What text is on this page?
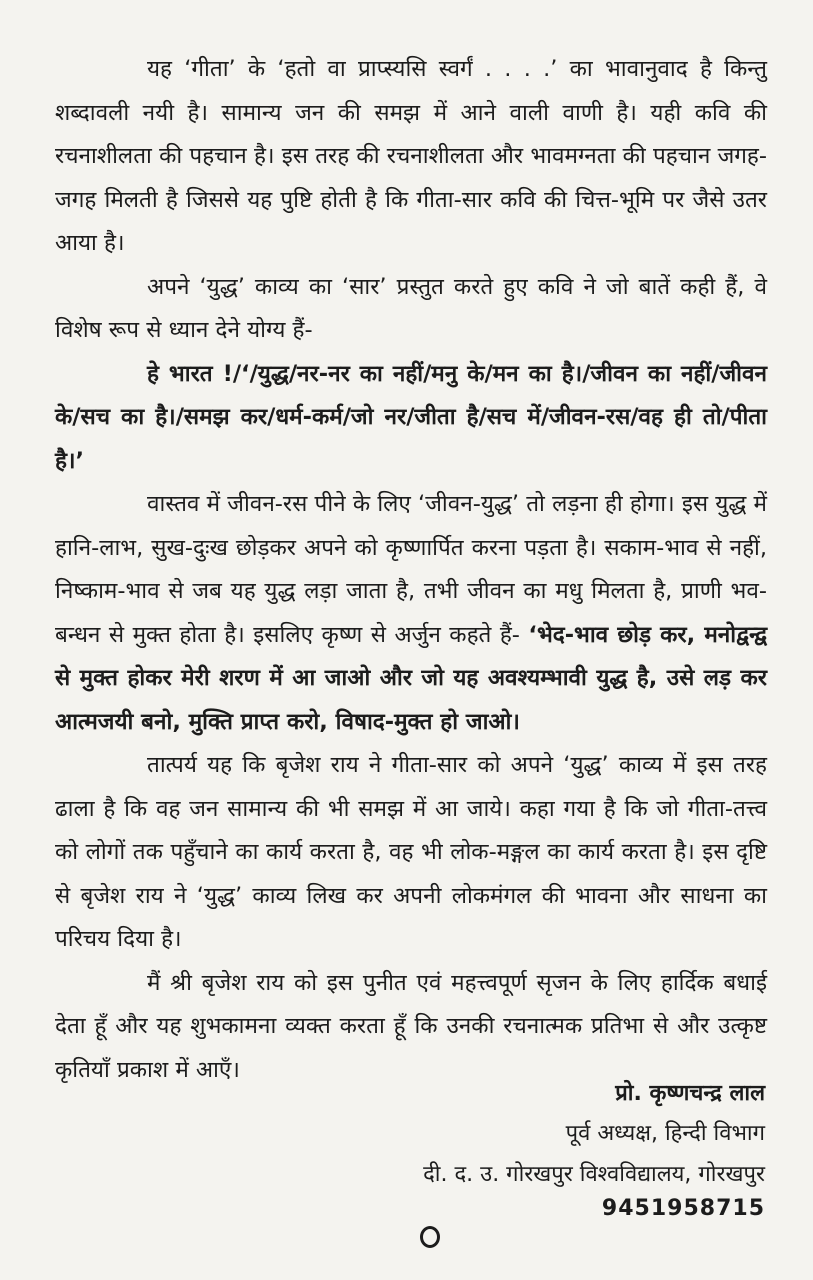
यह ‘गीता’ के ‘हतो वा प्राप्स्यसि स्वर्गं . . . .’ का भावानुवाद है किन्तु शब्दावली नयी है। सामान्य जन की समझ में आने वाली वाणी है। यही कवि की रचनाशीलता की पहचान है। इस तरह की रचनाशीलता और भावमग्नता की पहचान जगह-जगह मिलती है जिससे यह पुष्टि होती है कि गीता-सार कवि की चित्त-भूमि पर जैसे उतर आया है।

अपने ‘युद्ध’ काव्य का ‘सार’ प्रस्तुत करते हुए कवि ने जो बातें कही हैं, वे विशेष रूप से ध्यान देने योग्य हैं-

हे भारत !/‘/युद्ध/नर-नर का नहीं/मनु के/मन का है।/जीवन का नहीं/जीवन के/सच का है।/समझ कर/धर्म-कर्म/जो नर/जीता है/सच में/जीवन-रस/वह ही तो/पीता है।’

वास्तव में जीवन-रस पीने के लिए ‘जीवन-युद्ध’ तो लड़ना ही होगा। इस युद्ध में हानि-लाभ, सुख-दुःख छोड़कर अपने को कृष्णार्पित करना पड़ता है। सकाम-भाव से नहीं, निष्काम-भाव से जब यह युद्ध लड़ा जाता है, तभी जीवन का मधु मिलता है, प्राणी भव-बन्धन से मुक्त होता है। इसलिए कृष्ण से अर्जुन कहते हैं- ‘भेद-भाव छोड़ कर, मनोद्वन्द्व से मुक्त होकर मेरी शरण में आ जाओ और जो यह अवश्यम्भावी युद्ध है, उसे लड़ कर आत्मजयी बनो, मुक्ति प्राप्त करो, विषाद-मुक्त हो जाओ।

तात्पर्य यह कि बृजेश राय ने गीता-सार को अपने ‘युद्ध’ काव्य में इस तरह ढाला है कि वह जन सामान्य की भी समझ में आ जाये। कहा गया है कि जो गीता-तत्त्व को लोगों तक पहुँचाने का कार्य करता है, वह भी लोक-मङ्गल का कार्य करता है। इस दृष्टि से बृजेश राय ने ‘युद्ध’ काव्य लिख कर अपनी लोकमंगल की भावना और साधना का परिचय दिया है।

मैं श्री बृजेश राय को इस पुनीत एवं महत्त्वपूर्ण सृजन के लिए हार्दिक बधाई देता हूँ और यह शुभकामना व्यक्त करता हूँ कि उनकी रचनात्मक प्रतिभा से और उत्कृष्ट कृतियाँ प्रकाश में आएँ।

प्रो. कृष्णचन्द्र लाल
पूर्व अध्यक्ष, हिन्दी विभाग
दी. द. उ. गोरखपुर विश्वविद्यालय, गोरखपुर
9451958715
